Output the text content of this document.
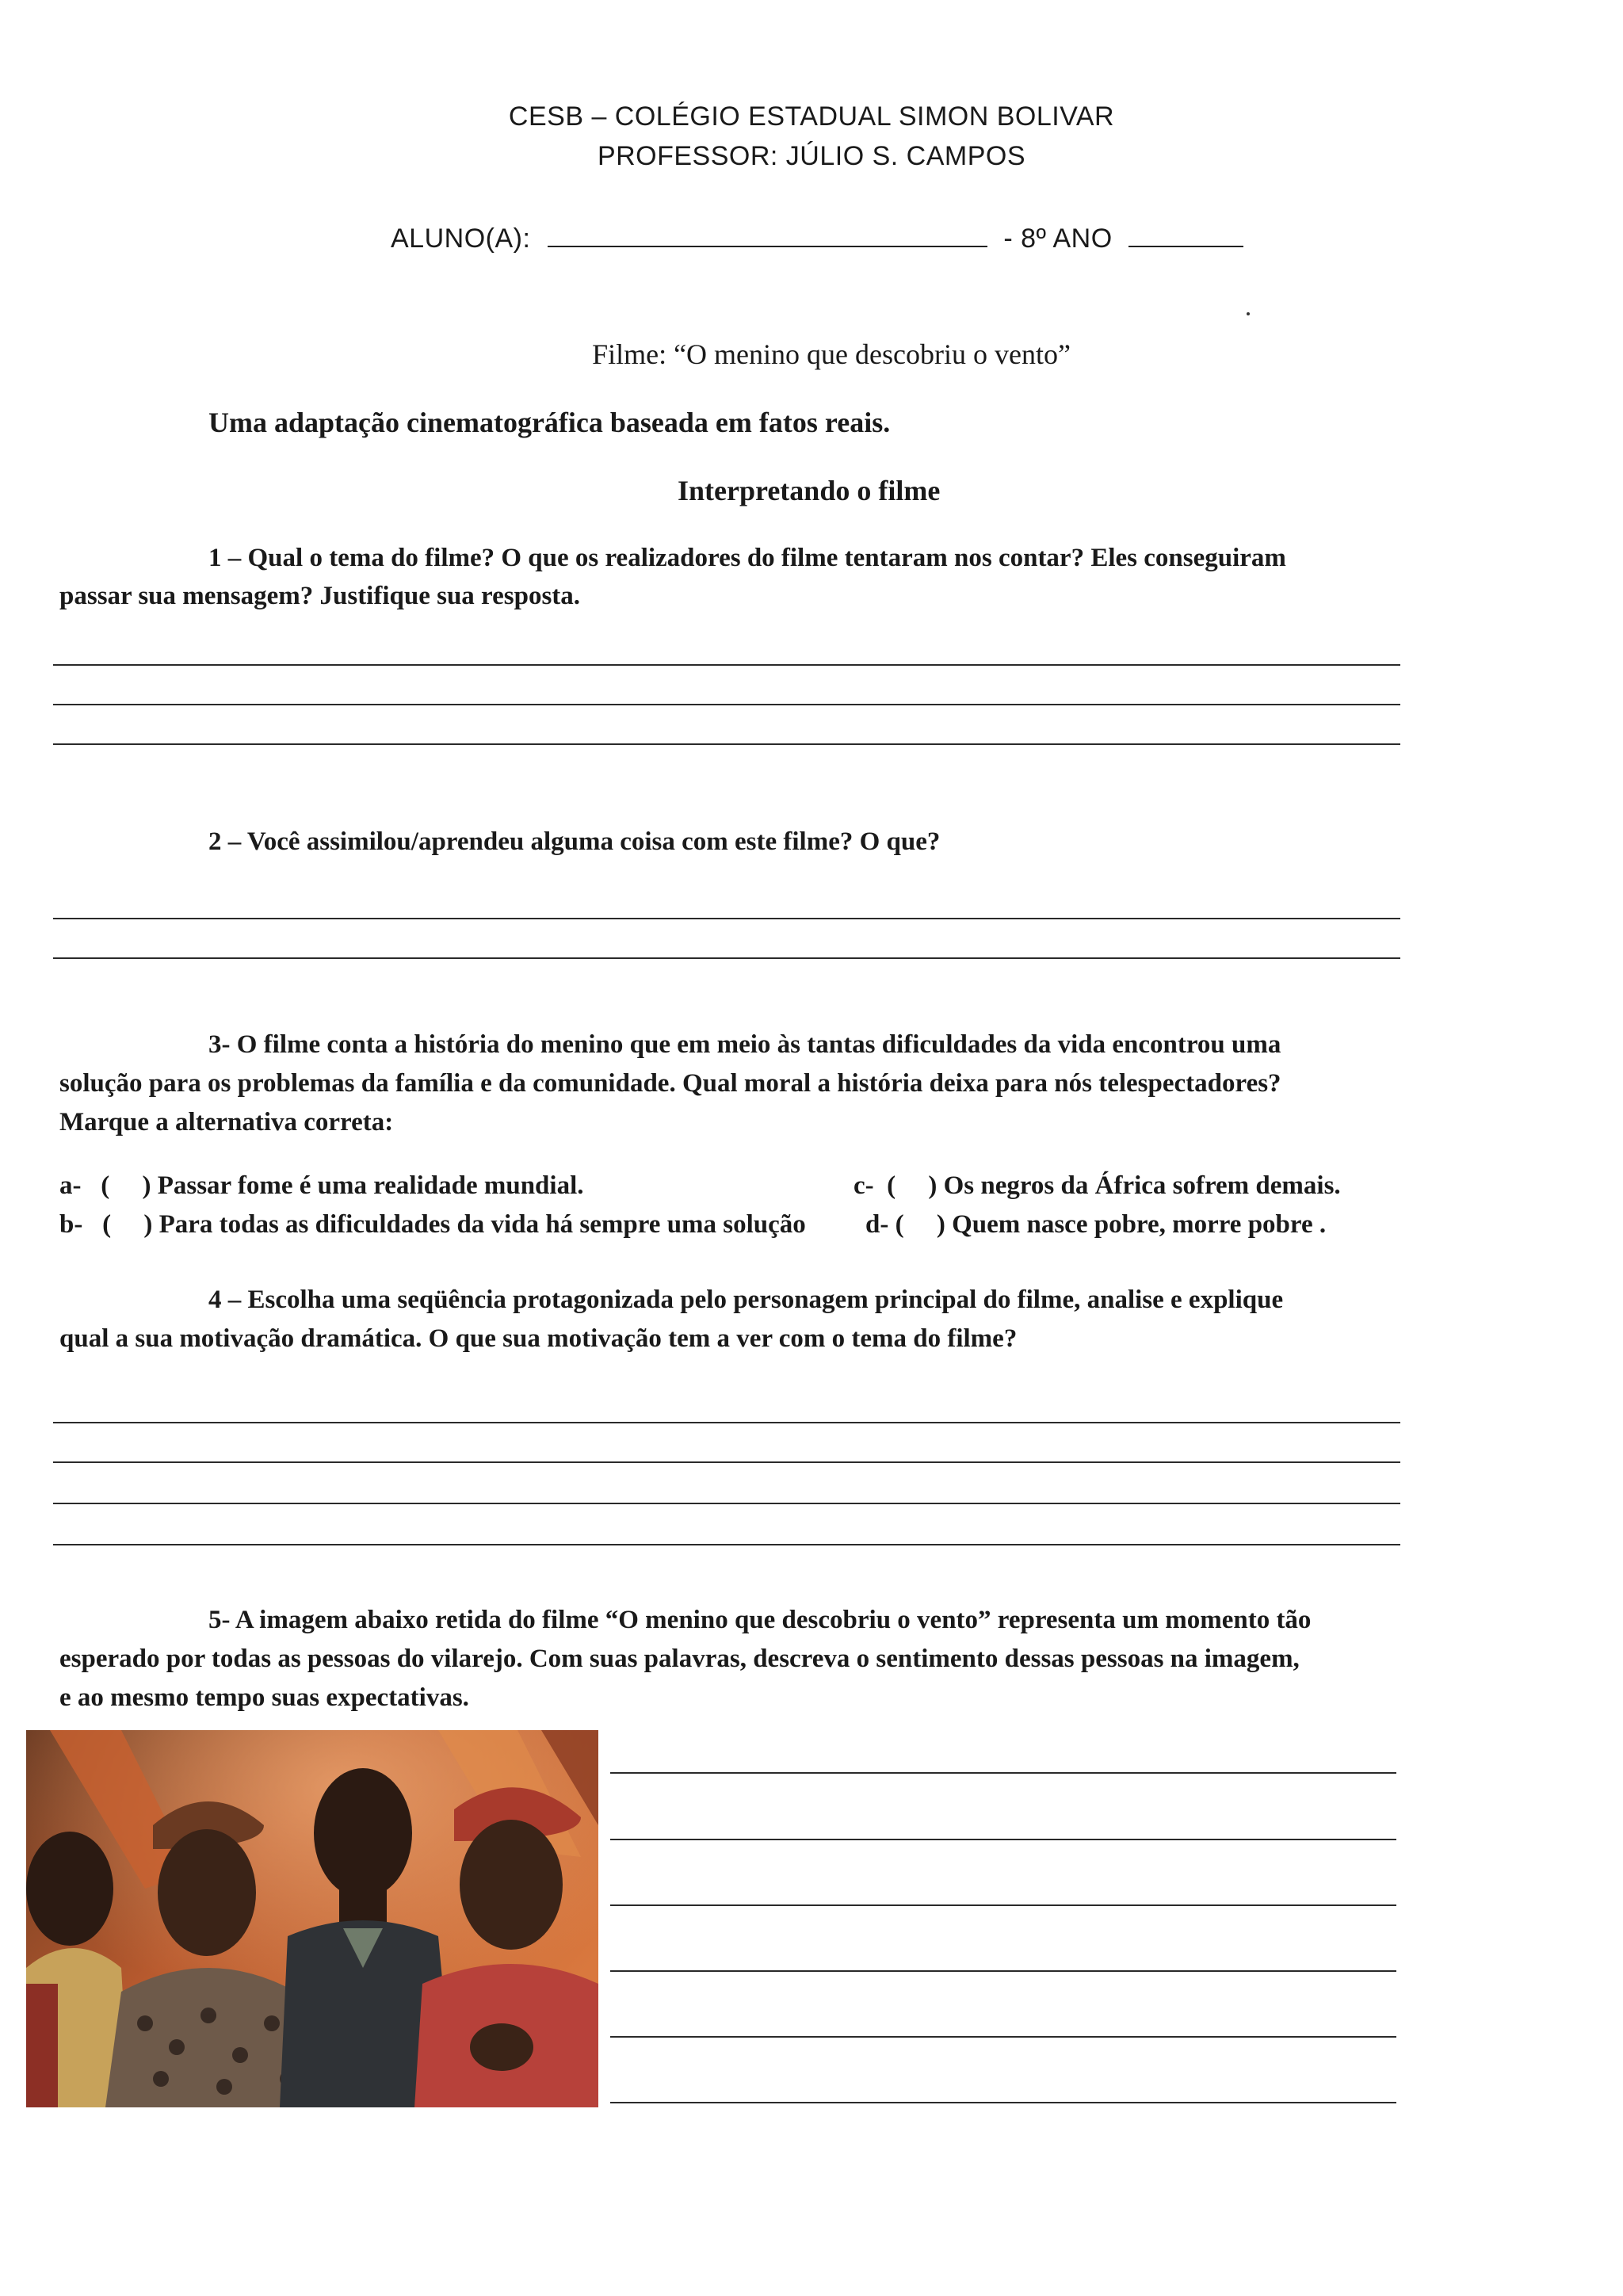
CESB – COLÉGIO ESTADUAL SIMON BOLIVAR
PROFESSOR: JÚLIO S. CAMPOS
ALUNO(A):	- 8º ANO
Filme: “O menino que descobriu o vento”
Uma adaptação cinematográfica baseada em fatos reais.
Interpretando o filme
1 – Qual o tema do filme? O que os realizadores do filme tentaram nos contar? Eles conseguiram
passar sua mensagem? Justifique sua resposta.
2 – Você assimilou/aprendeu alguma coisa com este filme? O que?
3- O filme conta a história do menino que em meio às tantas dificuldades da vida encontrou uma
solução para os problemas da família e da comunidade. Qual moral a história deixa para nós telespectadores?
Marque a alternativa correta:
a-   (     ) Passar fome é uma realidade mundial.	c-  (     ) Os negros da África sofrem demais.
b-   (     ) Para todas as dificuldades da vida há sempre uma solução d- (     ) Quem nasce pobre, morre pobre .
4 – Escolha uma seqüência protagonizada pelo personagem principal do filme, analise e explique
qual a sua motivação dramática. O que sua motivação tem a ver com o tema do filme?
5- A imagem abaixo retida do filme “O menino que descobriu o vento” representa um momento tão
esperado por todas as pessoas do vilarejo. Com suas palavras, descreva o sentimento dessas pessoas na imagem,
e ao mesmo tempo suas expectativas.
